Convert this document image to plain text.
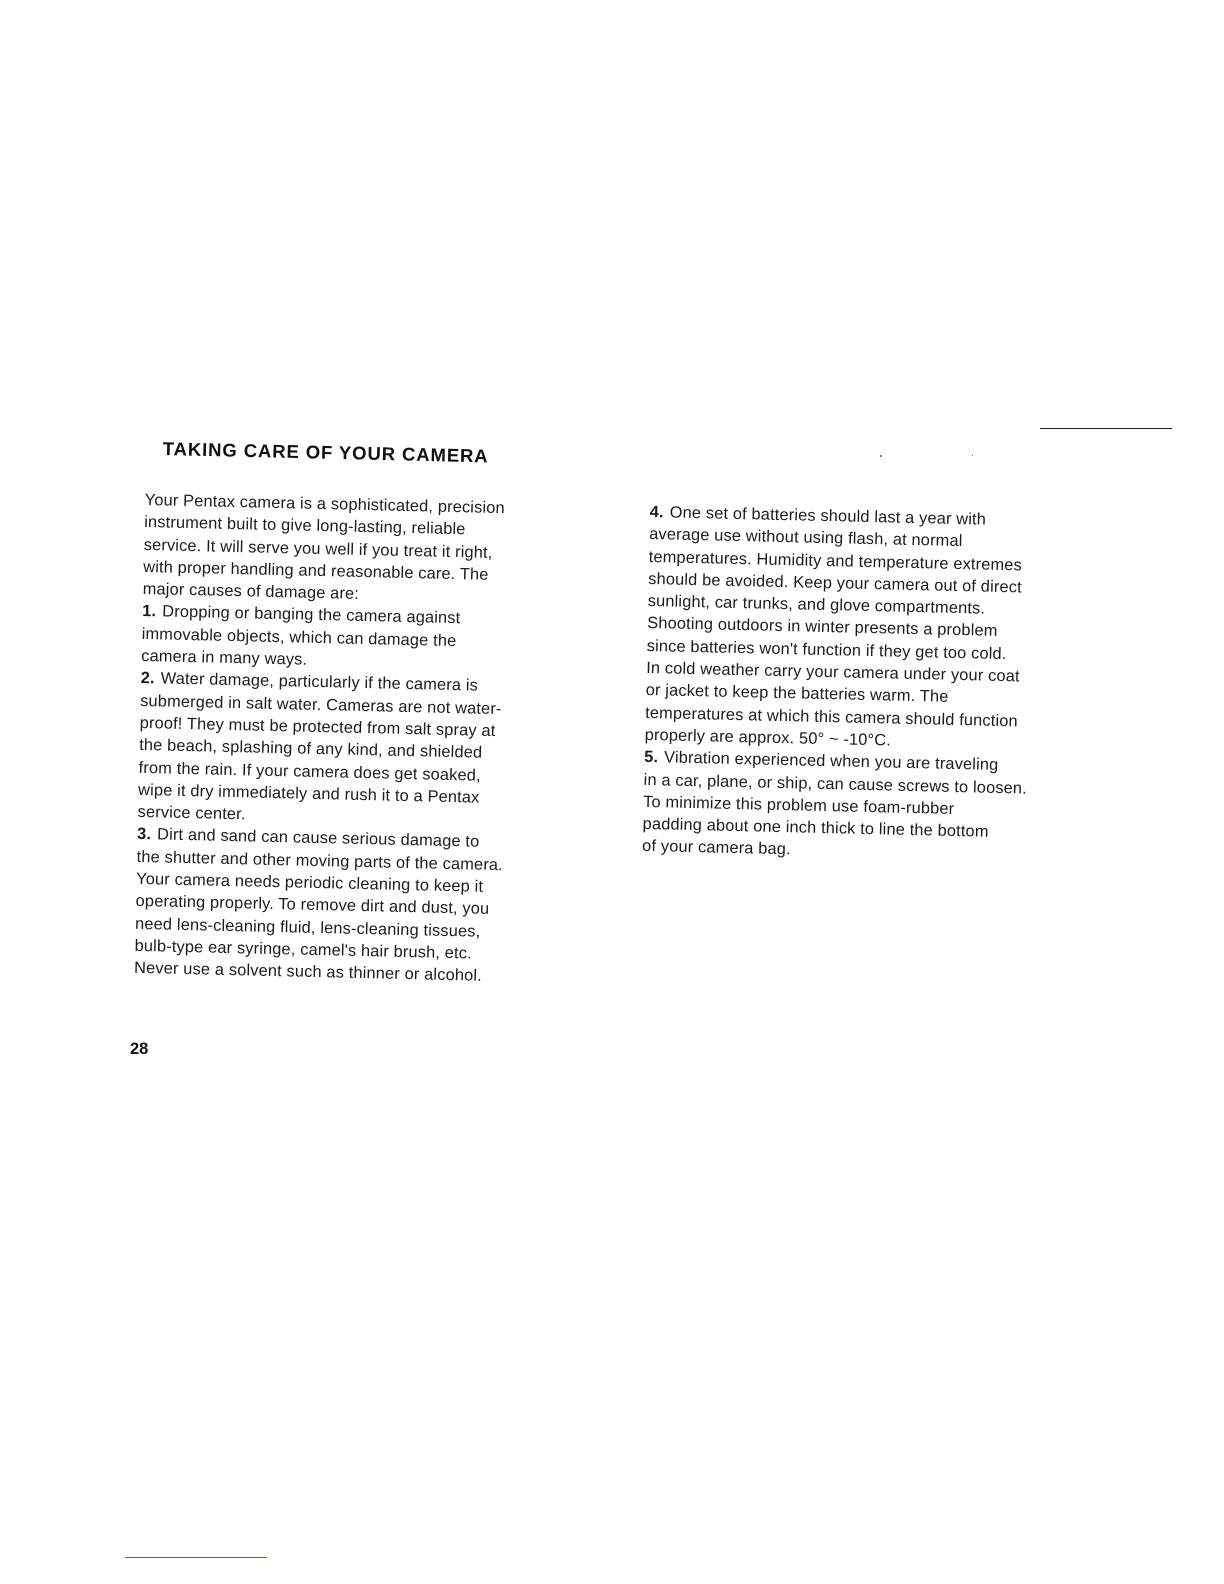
TAKING CARE OF YOUR CAMERA
Your Pentax camera is a sophisticated, precision
instrument built to give long-lasting, reliable
service. It will serve you well if you treat it right,
with proper handling and reasonable care. The
major causes of damage are:
1. Dropping or banging the camera against
immovable objects, which can damage the
camera in many ways.
2. Water damage, particularly if the camera is
submerged in salt water. Cameras are not water-
proof! They must be protected from salt spray at
the beach, splashing of any kind, and shielded
from the rain. If your camera does get soaked,
wipe it dry immediately and rush it to a Pentax
service center.
3. Dirt and sand can cause serious damage to
the shutter and other moving parts of the camera.
Your camera needs periodic cleaning to keep it
operating properly. To remove dirt and dust, you
need lens-cleaning fluid, lens-cleaning tissues,
bulb-type ear syringe, camel's hair brush, etc.
Never use a solvent such as thinner or alcohol.
4. One set of batteries should last a year with
average use without using flash, at normal
temperatures. Humidity and temperature extremes
should be avoided. Keep your camera out of direct
sunlight, car trunks, and glove compartments.
Shooting outdoors in winter presents a problem
since batteries won't function if they get too cold.
In cold weather carry your camera under your coat
or jacket to keep the batteries warm. The
temperatures at which this camera should function
properly are approx. 50° ~ -10°C.
5. Vibration experienced when you are traveling
in a car, plane, or ship, can cause screws to loosen.
To minimize this problem use foam-rubber
padding about one inch thick to line the bottom
of your camera bag.

28
